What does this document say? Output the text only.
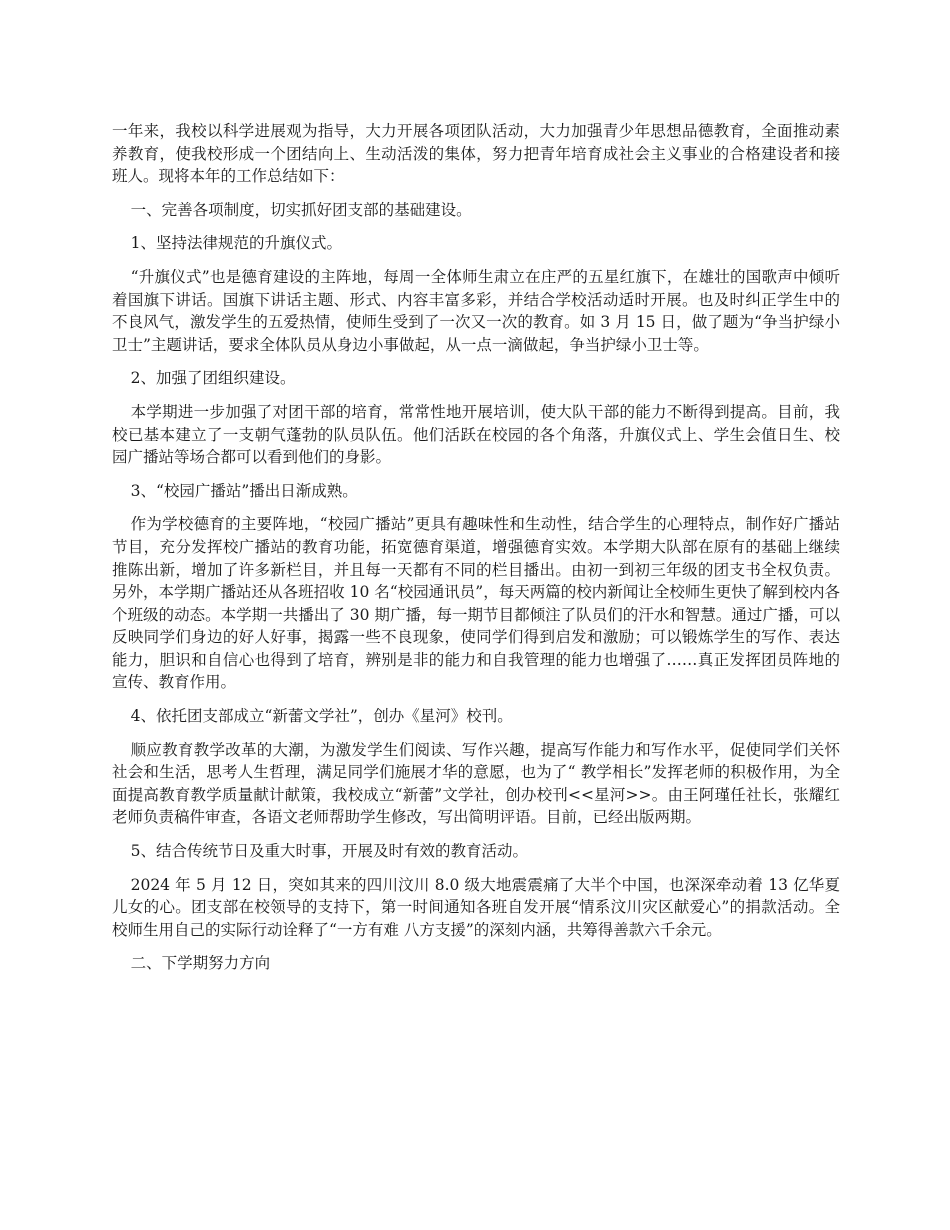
一年来，我校以科学进展观为指导，大力开展各项团队活动，大力加强青少年思想品德教育，全面推动素养教育，使我校形成一个团结向上、生动活泼的集体，努力把青年培育成社会主义事业的合格建设者和接班人。现将本年的工作总结如下：

一、完善各项制度，切实抓好团支部的基础建设。

1、坚持法律规范的升旗仪式。

“升旗仪式”也是德育建设的主阵地，每周一全体师生肃立在庄严的五星红旗下，在雄壮的国歌声中倾听着国旗下讲话。国旗下讲话主题、形式、内容丰富多彩，并结合学校活动适时开展。也及时纠正学生中的不良风气，激发学生的五爱热情，使师生受到了一次又一次的教育。如 3 月 15 日，做了题为“争当护绿小卫士”主题讲话，要求全体队员从身边小事做起，从一点一滴做起，争当护绿小卫士等。

2、加强了团组织建设。

本学期进一步加强了对团干部的培育，常常性地开展培训，使大队干部的能力不断得到提高。目前，我校已基本建立了一支朝气蓬勃的队员队伍。他们活跃在校园的各个角落，升旗仪式上、学生会值日生、校园广播站等场合都可以看到他们的身影。

3、“校园广播站”播出日渐成熟。

作为学校德育的主要阵地，“校园广播站”更具有趣味性和生动性，结合学生的心理特点，制作好广播站节目，充分发挥校广播站的教育功能，拓宽德育渠道，增强德育实效。本学期大队部在原有的基础上继续推陈出新，增加了许多新栏目，并且每一天都有不同的栏目播出。由初一到初三年级的团支书全权负责。另外，本学期广播站还从各班招收 10 名“校园通讯员”，每天两篇的校内新闻让全校师生更快了解到校内各个班级的动态。本学期一共播出了 30 期广播，每一期节目都倾注了队员们的汗水和智慧。通过广播，可以反映同学们身边的好人好事，揭露一些不良现象，使同学们得到启发和激励；可以锻炼学生的写作、表达能力，胆识和自信心也得到了培育，辨别是非的能力和自我管理的能力也增强了……真正发挥团员阵地的宣传、教育作用。

4、依托团支部成立“新蕾文学社”，创办《星河》校刊。

顺应教育教学改革的大潮，为激发学生们阅读、写作兴趣，提高写作能力和写作水平，促使同学们关怀社会和生活，思考人生哲理，满足同学们施展才华的意愿，也为了“ 教学相长”发挥老师的积极作用，为全面提高教育教学质量献计献策，我校成立“新蕾”文学社，创办校刊<<星河>>。由王阿瑾任社长，张耀红老师负责稿件审查，各语文老师帮助学生修改，写出简明评语。目前，已经出版两期。

5、结合传统节日及重大时事，开展及时有效的教育活动。

2024 年 5 月 12 日，突如其来的四川汶川 8.0 级大地震震痛了大半个中国，也深深牵动着 13 亿华夏儿女的心。团支部在校领导的支持下，第一时间通知各班自发开展“情系汶川灾区献爱心”的捐款活动。全校师生用自己的实际行动诠释了“一方有难 八方支援”的深刻内涵，共筹得善款六千余元。

二、下学期努力方向
